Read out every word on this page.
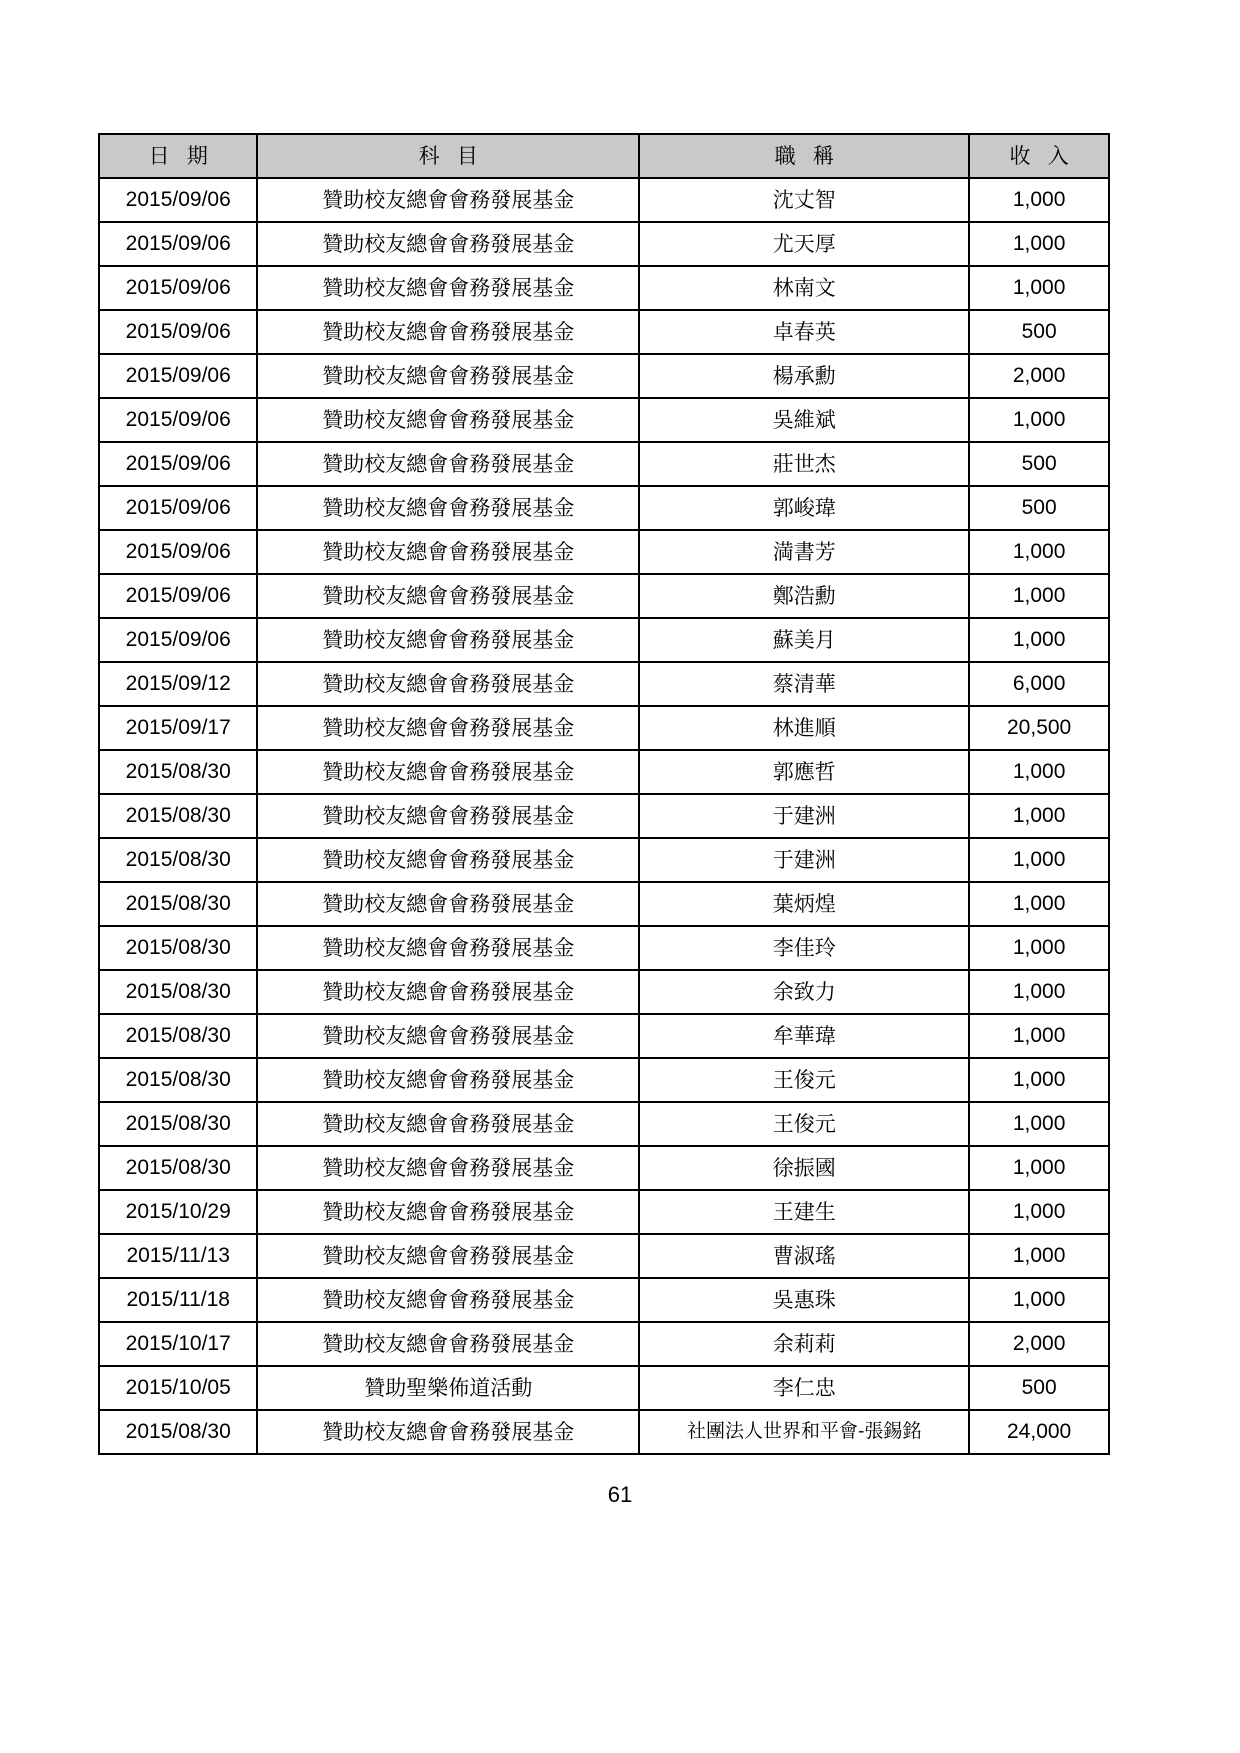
日 期	科 目	職 稱	收 入
2015/09/06	贊助校友總會會務發展基金	沈丈智	1,000
2015/09/06	贊助校友總會會務發展基金	尤天厚	1,000
2015/09/06	贊助校友總會會務發展基金	林南文	1,000
2015/09/06	贊助校友總會會務發展基金	卓春英	500
2015/09/06	贊助校友總會會務發展基金	楊承勳	2,000
2015/09/06	贊助校友總會會務發展基金	吳維斌	1,000
2015/09/06	贊助校友總會會務發展基金	莊世杰	500
2015/09/06	贊助校友總會會務發展基金	郭峻瑋	500
2015/09/06	贊助校友總會會務發展基金	満書芳	1,000
2015/09/06	贊助校友總會會務發展基金	鄭浩勳	1,000
2015/09/06	贊助校友總會會務發展基金	蘇美月	1,000
2015/09/12	贊助校友總會會務發展基金	蔡清華	6,000
2015/09/17	贊助校友總會會務發展基金	林進順	20,500
2015/08/30	贊助校友總會會務發展基金	郭應哲	1,000
2015/08/30	贊助校友總會會務發展基金	于建洲	1,000
2015/08/30	贊助校友總會會務發展基金	于建洲	1,000
2015/08/30	贊助校友總會會務發展基金	葉炳煌	1,000
2015/08/30	贊助校友總會會務發展基金	李佳玲	1,000
2015/08/30	贊助校友總會會務發展基金	余致力	1,000
2015/08/30	贊助校友總會會務發展基金	牟華瑋	1,000
2015/08/30	贊助校友總會會務發展基金	王俊元	1,000
2015/08/30	贊助校友總會會務發展基金	王俊元	1,000
2015/08/30	贊助校友總會會務發展基金	徐振國	1,000
2015/10/29	贊助校友總會會務發展基金	王建生	1,000
2015/11/13	贊助校友總會會務發展基金	曹淑瑤	1,000
2015/11/18	贊助校友總會會務發展基金	吳惠珠	1,000
2015/10/17	贊助校友總會會務發展基金	余莉莉	2,000
2015/10/05	贊助聖樂佈道活動	李仁忠	500
2015/08/30	贊助校友總會會務發展基金	社團法人世界和平會-張錫銘	24,000
61
